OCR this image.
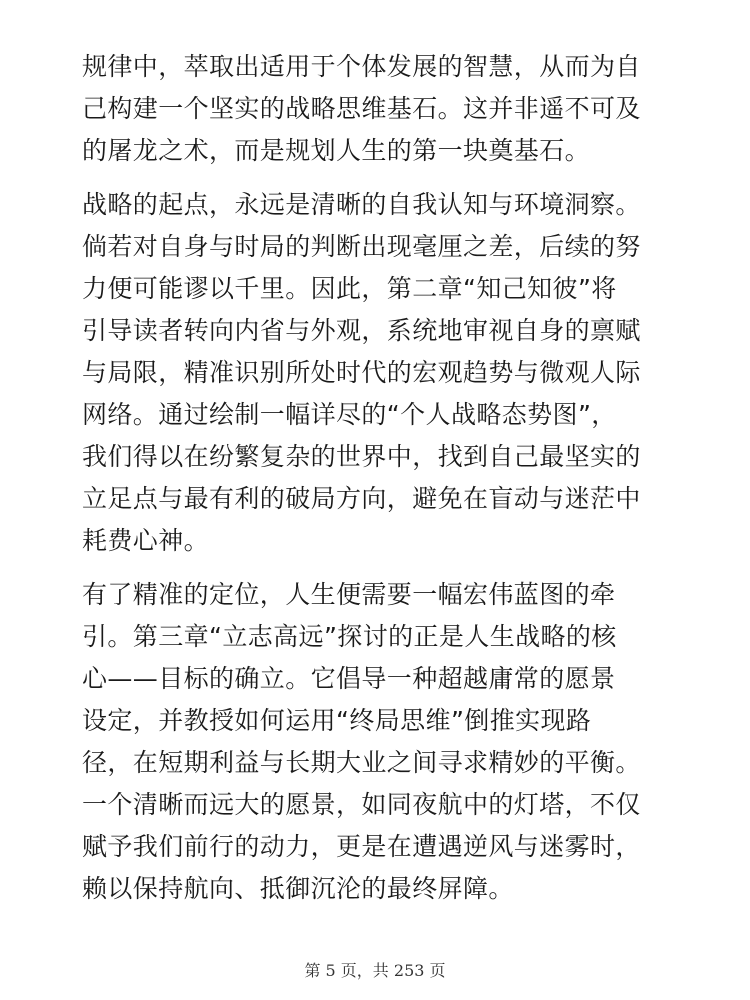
规律中，萃取出适用于个体发展的智慧，从而为自
己构建一个坚实的战略思维基石。这并非遥不可及
的屠龙之术，而是规划人生的第一块奠基石。
战略的起点，永远是清晰的自我认知与环境洞察。
倘若对自身与时局的判断出现毫厘之差，后续的努
力便可能谬以千里。因此，第二章“知己知彼”将
引导读者转向内省与外观，系统地审视自身的禀赋
与局限，精准识别所处时代的宏观趋势与微观人际
网络。通过绘制一幅详尽的“个人战略态势图”，
我们得以在纷繁复杂的世界中，找到自己最坚实的
立足点与最有利的破局方向，避免在盲动与迷茫中
耗费心神。
有了精准的定位，人生便需要一幅宏伟蓝图的牵
引。第三章“立志高远”探讨的正是人生战略的核
心——目标的确立。它倡导一种超越庸常的愿景
设定，并教授如何运用“终局思维”倒推实现路
径，在短期利益与长期大业之间寻求精妙的平衡。
一个清晰而远大的愿景，如同夜航中的灯塔，不仅
赋予我们前行的动力，更是在遭遇逆风与迷雾时，
赖以保持航向、抵御沉沦的最终屏障。
第 5 页，共 253 页
